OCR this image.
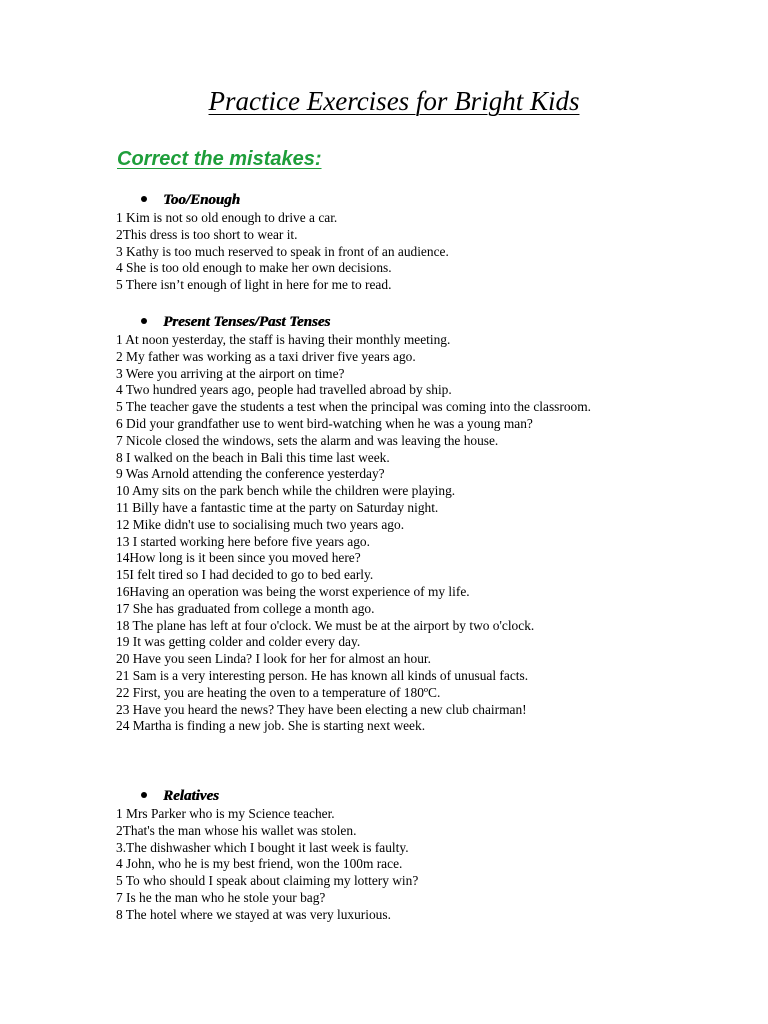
Practice Exercises for Bright Kids
Correct the mistakes:
Too/Enough
1 Kim is not so old enough to drive a car.
2This dress is too short to wear it.
3 Kathy is too much reserved to speak in front of an audience.
4 She is too old enough to make her own decisions.
5 There isn’t enough of light in here for me to read.
Present Tenses/Past Tenses
1 At noon yesterday, the staff is having their monthly meeting.
2 My father was working as a taxi driver five years ago.
3 Were you arriving at the airport on time?
4 Two hundred years ago, people had travelled abroad by ship.
5 The teacher gave the students a test when the principal was coming into the classroom.
6 Did your grandfather use to went bird-watching when he was a young man?
7 Nicole closed the windows, sets the alarm and was leaving the house.
8 I walked on the beach in Bali this time last week.
9 Was Arnold attending the conference yesterday?
10 Amy sits on the park bench while the children were playing.
11 Billy have a fantastic time at the party on Saturday night.
12 Mike didn't use to socialising much two years ago.
13 I started working here before five years ago.
14How long is it been since you moved here?
15I felt tired so I had decided to go to bed early.
16Having an operation was being the worst experience of my life.
17 She has graduated from college a month ago.
18 The plane has left at four o'clock. We must be at the airport by two o'clock.
19 It was getting colder and colder every day.
20 Have you seen Linda? I look for her for almost an hour.
21 Sam is a very interesting person. He has known all kinds of unusual facts.
22 First, you are heating the oven to a temperature of 180ºC.
23 Have you heard the news? They have been electing a new club chairman!
24 Martha is finding a new job. She is starting next week.
Relatives
1 Mrs Parker who is my Science teacher.
2That's the man whose his wallet was stolen.
3.The dishwasher which I bought it last week is faulty.
4 John, who he is my best friend, won the 100m race.
5 To who should I speak about claiming my lottery win?
7 Is he the man who he stole your bag?
8 The hotel where we stayed at was very luxurious.
